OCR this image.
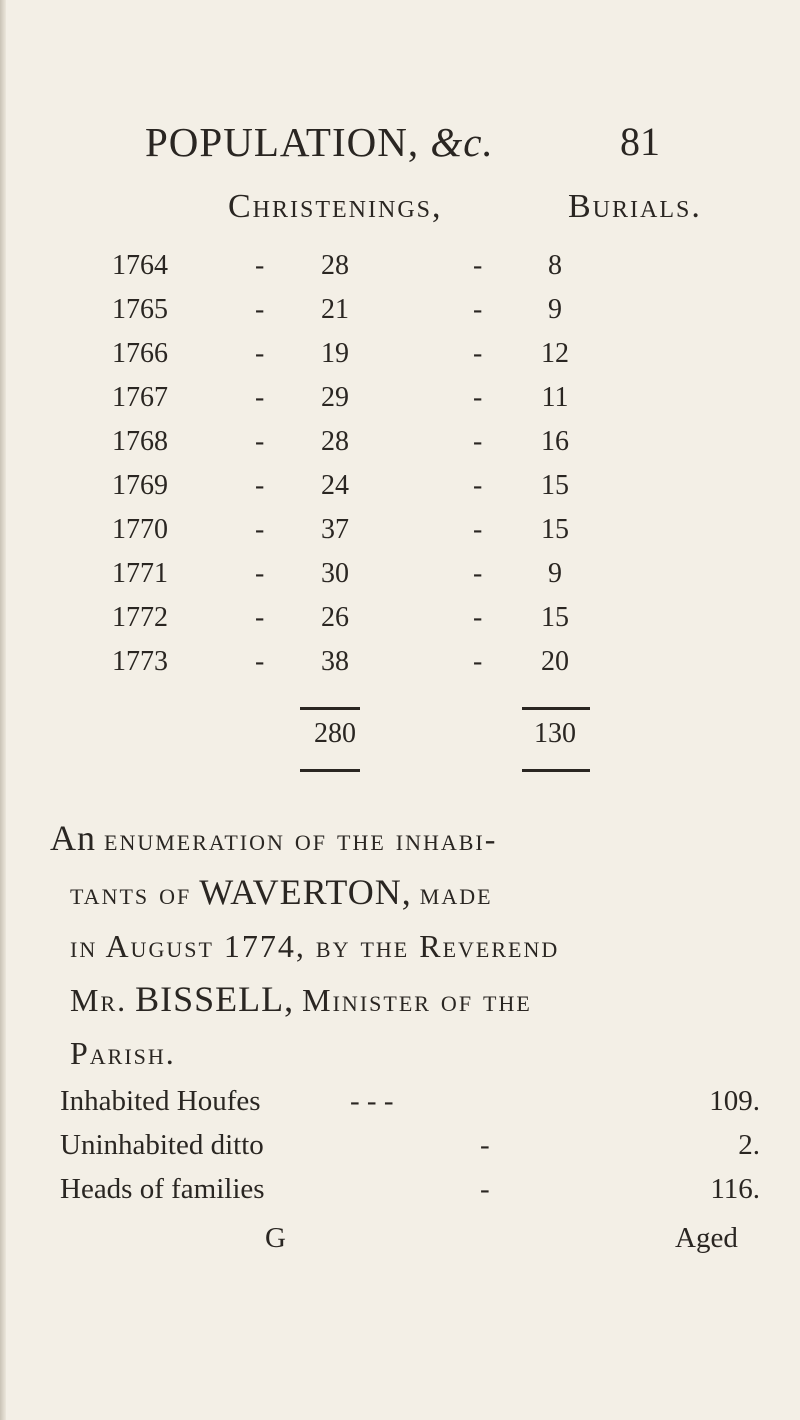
POPULATION, &c.	81
Christenings,	Burials.
1764	-	28	-	8
1765	-	21	-	9
1766	-	19	-	12
1767	-	29	-	11
1768	-	28	-	16
1769	-	24	-	15
1770	-	37	-	15
1771	-	30	-	9
1772	-	26	-	15
1773	-	38	-	20
280	130

An enumeration of the inhabi-

tants of WAVERTON, made

in August 1774, by the Reverend

Mr. BISSELL, Minister of the

Parish.

Inhabited Houfes	- - -	109.
Uninhabited ditto	-	2.
Heads of families	-	116.
G	Aged
